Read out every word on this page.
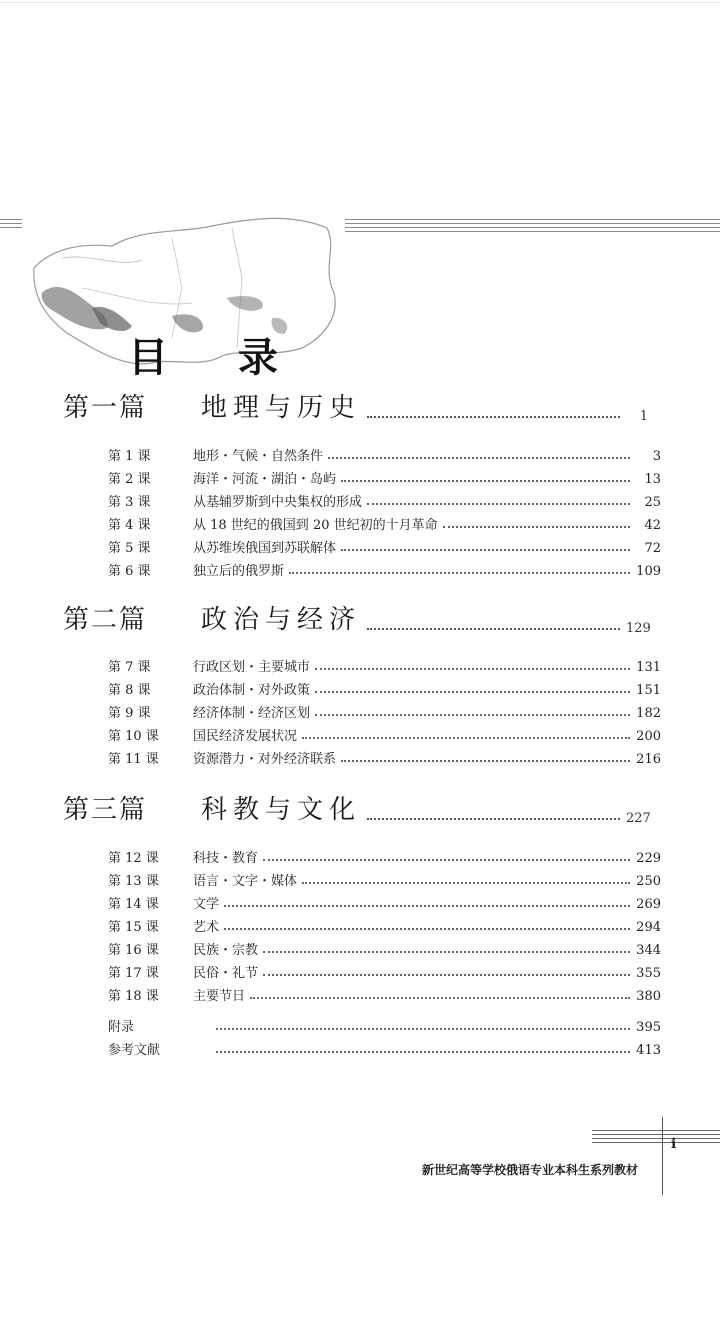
目 录
第一篇	地理与历史	1
第 1 课	地形・气候・自然条件	3
第 2 课	海洋・河流・湖泊・岛屿	13
第 3 课	从基辅罗斯到中央集权的形成	25
第 4 课	从 18 世纪的俄国到 20 世纪初的十月革命	42
第 5 课	从苏维埃俄国到苏联解体	72
第 6 课	独立后的俄罗斯	109
第二篇	政治与经济	129
第 7 课	行政区划・主要城市	131
第 8 课	政治体制・对外政策	151
第 9 课	经济体制・经济区划	182
第 10 课	国民经济发展状况	200
第 11 课	资源潜力・对外经济联系	216
第三篇	科教与文化	227
第 12 课	科技・教育	229
第 13 课	语言・文字・媒体	250
第 14 课	文学	269
第 15 课	艺术	294
第 16 课	民族・宗教	344
第 17 课	民俗・礼节	355
第 18 课	主要节日	380
附录	395
参考文献	413
i
新世纪高等学校俄语专业本科生系列教材
